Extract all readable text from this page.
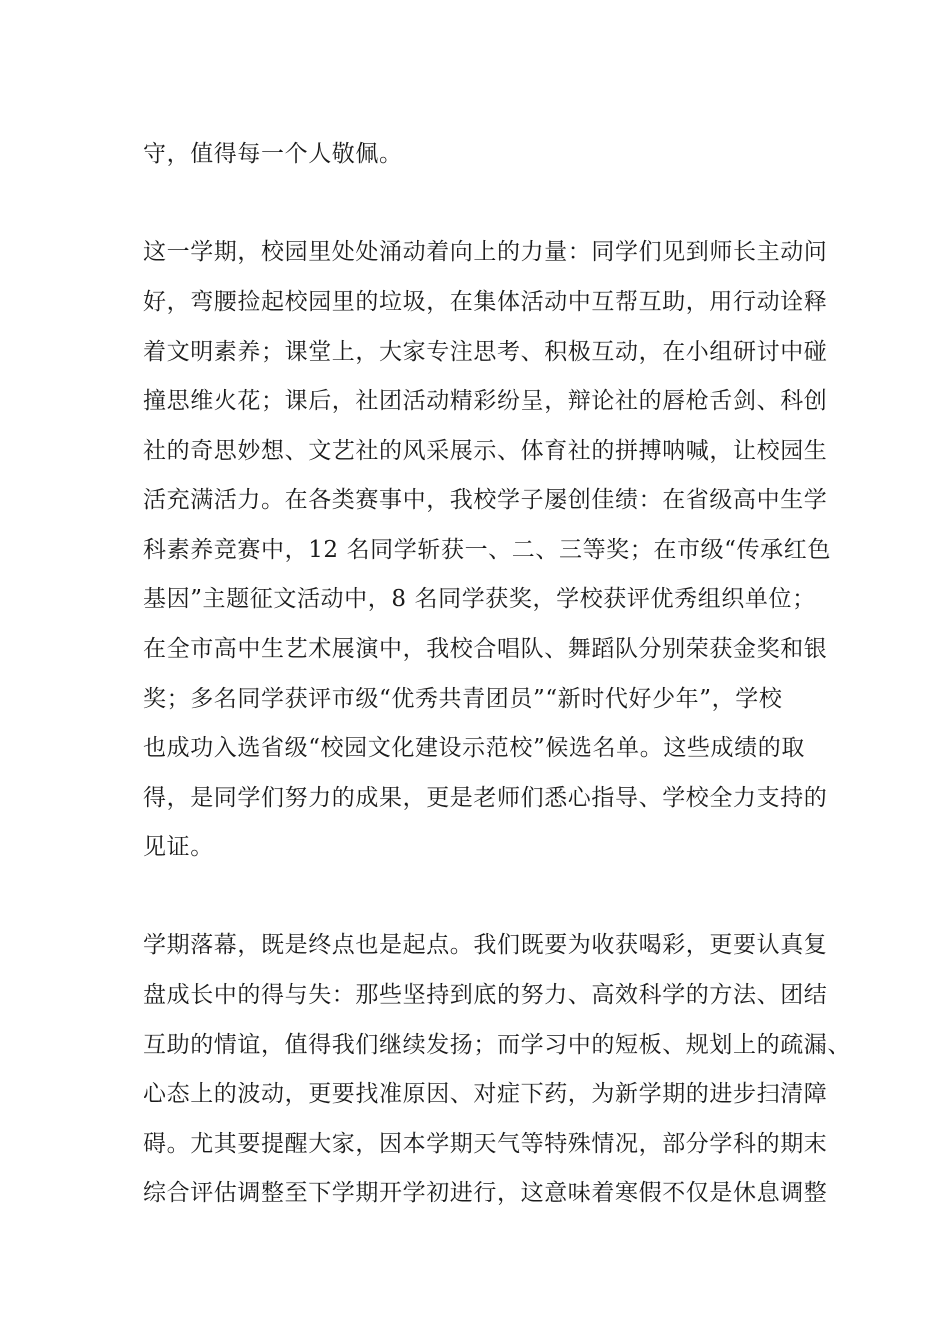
守，值得每一个人敬佩。
这一学期，校园里处处涌动着向上的力量：同学们见到师长主动问
好，弯腰捡起校园里的垃圾，在集体活动中互帮互助，用行动诠释
着文明素养；课堂上，大家专注思考、积极互动，在小组研讨中碰
撞思维火花；课后，社团活动精彩纷呈，辩论社的唇枪舌剑、科创
社的奇思妙想、文艺社的风采展示、体育社的拼搏呐喊，让校园生
活充满活力。在各类赛事中，我校学子屡创佳绩：在省级高中生学
科素养竞赛中，12 名同学斩获一、二、三等奖；在市级“传承红色
基因”主题征文活动中，8 名同学获奖，学校获评优秀组织单位；
在全市高中生艺术展演中，我校合唱队、舞蹈队分别荣获金奖和银
奖；多名同学获评市级“优秀共青团员”“新时代好少年”，学校
也成功入选省级“校园文化建设示范校”候选名单。这些成绩的取
得，是同学们努力的成果，更是老师们悉心指导、学校全力支持的
见证。
学期落幕，既是终点也是起点。我们既要为收获喝彩，更要认真复
盘成长中的得与失：那些坚持到底的努力、高效科学的方法、团结
互助的情谊，值得我们继续发扬；而学习中的短板、规划上的疏漏、
心态上的波动，更要找准原因、对症下药，为新学期的进步扫清障
碍。尤其要提醒大家，因本学期天气等特殊情况，部分学科的期末
综合评估调整至下学期开学初进行，这意味着寒假不仅是休息调整
